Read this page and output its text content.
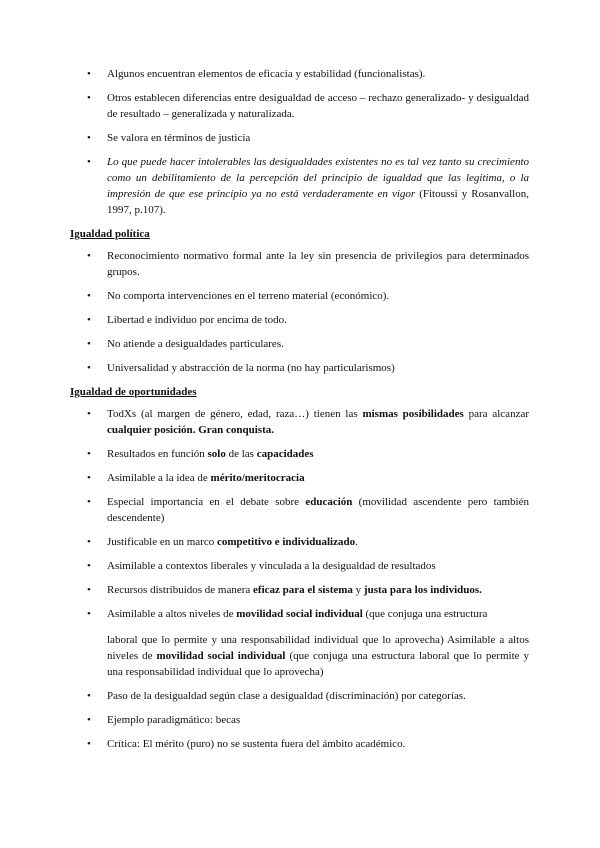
• Algunos encuentran elementos de eficacia y estabilidad (funcionalistas).
• Otros establecen diferencias entre desigualdad de acceso – rechazo generalizado- y desigualdad de resultado – generalizada y naturalizada.
• Se valora en términos de justicia
• Lo que puede hacer intolerables las desigualdades existentes no es tal vez tanto su crecimiento como un debilitamiento de la percepción del principio de igualdad que las legitima, o la impresión de que ese principio ya no está verdaderamente en vigor (Fitoussi y Rosanvallon, 1997, p.107).
Igualdad política
• Reconocimiento normativo formal ante la ley sin presencia de privilegios para determinados grupos.
• No comporta intervenciones en el terreno material (económico).
• Libertad e individuo por encima de todo.
• No atiende a desigualdades particulares.
• Universalidad y abstracción de la norma (no hay particularismos)
Igualdad de oportunidades
• TodXs (al margen de género, edad, raza…) tienen las mismas posibilidades para alcanzar cualquier posición. Gran conquista.
• Resultados en función solo de las capacidades
• Asimilable a la idea de mérito/meritocracia
• Especial importancia en el debate sobre educación (movilidad ascendente pero también descendente)
• Justificable en un marco competitivo e individualizado.
• Asimilable a contextos liberales y vinculada a la desigualdad de resultados
• Recursos distribuidos de manera eficaz para el sistema y justa para los individuos.
• Asimilable a altos niveles de movilidad social individual (que conjuga una estructura
laboral que lo permite y una responsabilidad individual que lo aprovecha) Asimilable a altos niveles de movilidad social individual (que conjuga una estructura laboral que lo permite y una responsabilidad individual que lo aprovecha)
• Paso de la desigualdad según clase a desigualdad (discriminación) por categorías.
• Ejemplo paradigmático: becas
• Crítica: El mérito (puro) no se sustenta fuera del ámbito académico.
